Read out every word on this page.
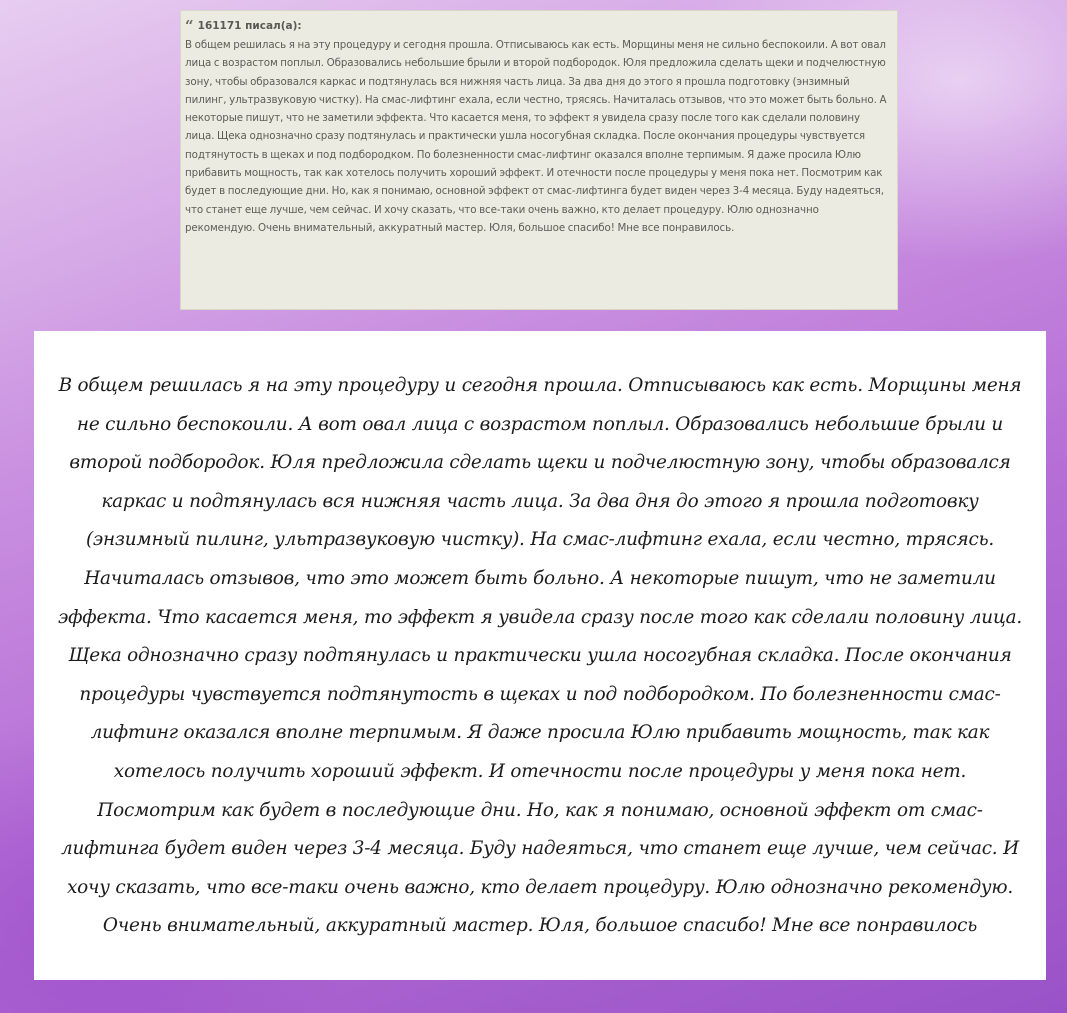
“ 161171 писал(а):
В общем решилась я на эту процедуру и сегодня прошла. Отписываюсь как есть. Морщины меня не сильно беспокоили. А вот овал лица с возрастом поплыл. Образовались небольшие брыли и второй подбородок. Юля предложила сделать щеки и подчелюстную зону, чтобы образовался каркас и подтянулась вся нижняя часть лица. За два дня до этого я прошла подготовку (энзимный пилинг, ультразвуковую чистку). На смас-лифтинг ехала, если честно, трясясь. Начиталась отзывов, что это может быть больно. А некоторые пишут, что не заметили эффекта. Что касается меня, то эффект я увидела сразу после того как сделали половину лица. Щека однозначно сразу подтянулась и практически ушла носогубная складка. После окончания процедуры чувствуется подтянутость в щеках и под подбородком. По болезненности смас-лифтинг оказался вполне терпимым. Я даже просила Юлю прибавить мощность, так как хотелось получить хороший эффект. И отечности после процедуры у меня пока нет. Посмотрим как будет в последующие дни. Но, как я понимаю, основной эффект от смас-лифтинга будет виден через 3-4 месяца. Буду надеяться, что станет еще лучше, чем сейчас. И хочу сказать, что все-таки очень важно, кто делает процедуру. Юлю однозначно рекомендую. Очень внимательный, аккуратный мастер. Юля, большое спасибо! Мне все понравилось.
В общем решилась я на эту процедуру и сегодня прошла. Отписываюсь как есть. Морщины меня не сильно беспокоили. А вот овал лица с возрастом поплыл. Образовались небольшие брыли и второй подбородок. Юля предложила сделать щеки и подчелюстную зону, чтобы образовался каркас и подтянулась вся нижняя часть лица. За два дня до этого я прошла подготовку (энзимный пилинг, ультразвуковую чистку). На смас-лифтинг ехала, если честно, трясясь. Начиталась отзывов, что это может быть больно. А некоторые пишут, что не заметили эффекта. Что касается меня, то эффект я увидела сразу после того как сделали половину лица. Щека однозначно сразу подтянулась и практически ушла носогубная складка. После окончания процедуры чувствуется подтянутость в щеках и под подбородком. По болезненности смас-лифтинг оказался вполне терпимым. Я даже просила Юлю прибавить мощность, так как хотелось получить хороший эффект. И отечности после процедуры у меня пока нет. Посмотрим как будет в последующие дни. Но, как я понимаю, основной эффект от смас-лифтинга будет виден через 3-4 месяца. Буду надеяться, что станет еще лучше, чем сейчас. И хочу сказать, что все-таки очень важно, кто делает процедуру. Юлю однозначно рекомендую. Очень внимательный, аккуратный мастер. Юля, большое спасибо! Мне все понравилось
